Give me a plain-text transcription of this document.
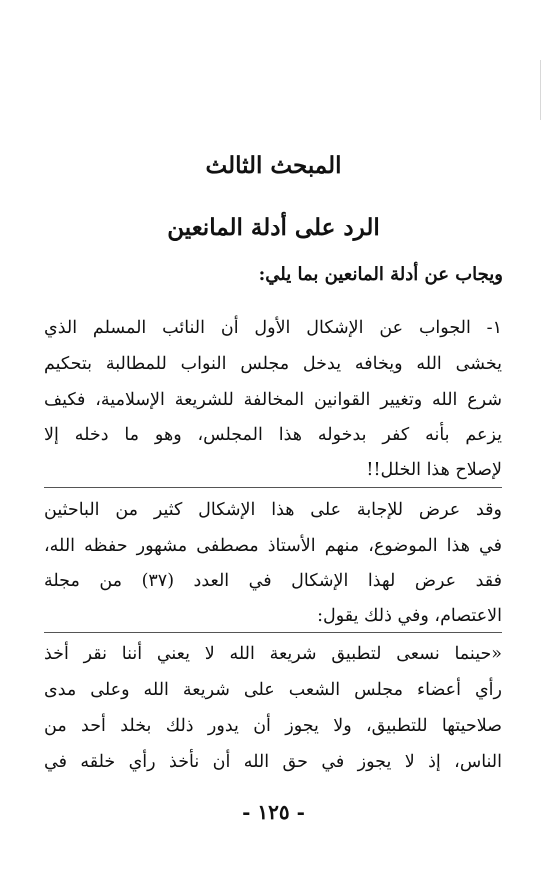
المبحث الثالث
الرد على أدلة المانعين
ويجاب عن أدلة المانعين بما يلي:
١- الجواب عن الإشكال الأول أن النائب المسلم الذي
يخشى الله ويخافه يدخل مجلس النواب للمطالبة بتحكيم
شرع الله وتغيير القوانين المخالفة للشريعة الإسلامية، فكيف
يزعم بأنه كفر بدخوله هذا المجلس، وهو ما دخله إلا
لإصلاح هذا الخلل!!
وقد عرض للإجابة على هذا الإشكال كثير من الباحثين
في هذا الموضوع، منهم الأستاذ مصطفى مشهور حفظه الله،
فقد عرض لهذا الإشكال في العدد (٣٧) من مجلة
الاعتصام، وفي ذلك يقول:
«حينما نسعى لتطبيق شريعة الله لا يعني أننا نقر أخذ
رأي أعضاء مجلس الشعب على شريعة الله وعلى مدى
صلاحيتها للتطبيق، ولا يجوز أن يدور ذلك بخلد أحد من
الناس، إذ لا يجوز في حق الله أن نأخذ رأي خلقه في
- ١٢٥ -
